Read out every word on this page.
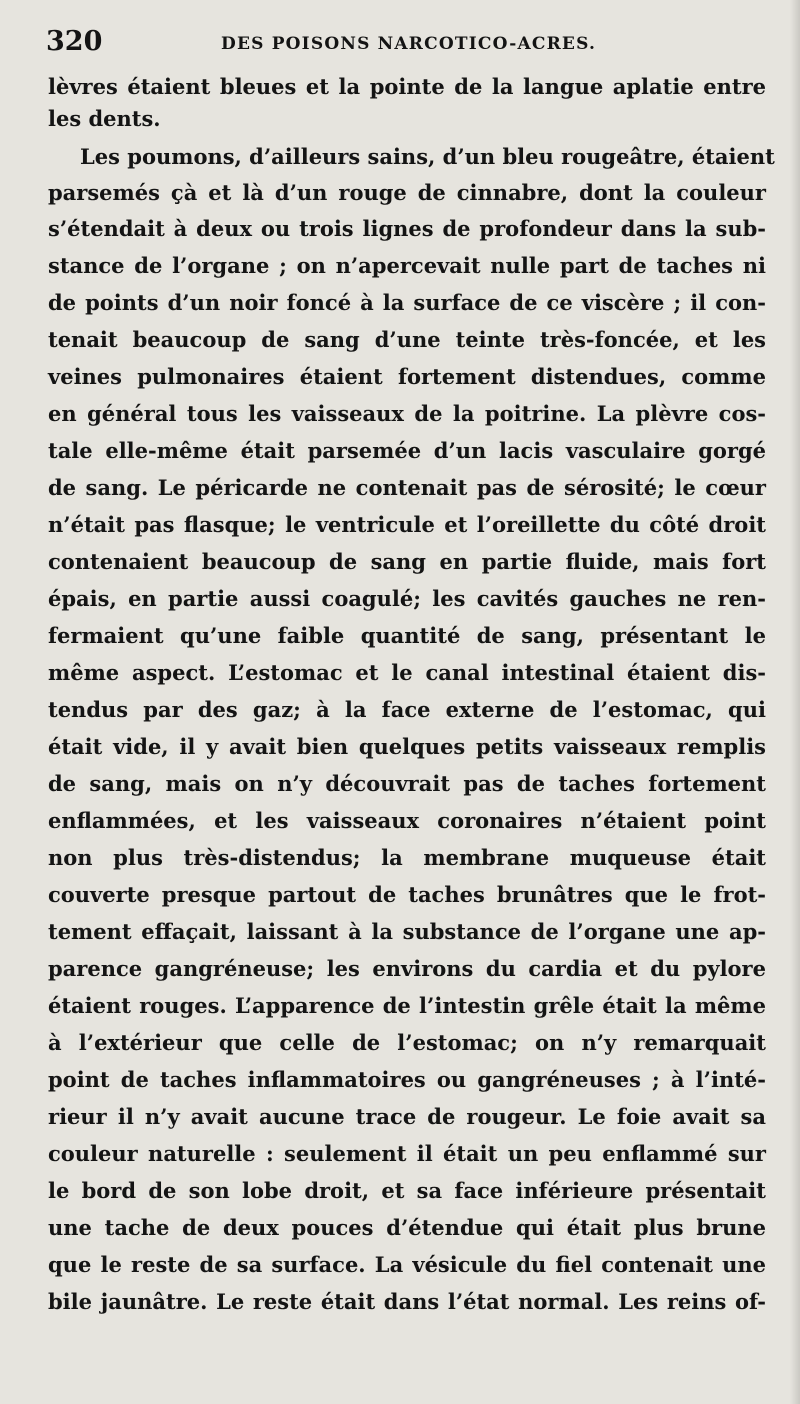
320	DES POISONS NARCOTICO-ACRES.
lèvres étaient bleues et la pointe de la langue aplatie entre
les dents.
Les poumons, d’ailleurs sains, d’un bleu rougeâtre, étaient
parsemés çà et là d’un rouge de cinnabre, dont la couleur
s’étendait à deux ou trois lignes de profondeur dans la sub-
stance de l’organe ; on n’apercevait nulle part de taches ni
de points d’un noir foncé à la surface de ce viscère ; il con-
tenait beaucoup de sang d’une teinte très-foncée, et les
veines pulmonaires étaient fortement distendues, comme
en général tous les vaisseaux de la poitrine. La plèvre cos-
tale elle-même était parsemée d’un lacis vasculaire gorgé
de sang. Le péricarde ne contenait pas de sérosité; le cœur
n’était pas flasque; le ventricule et l’oreillette du côté droit
contenaient beaucoup de sang en partie fluide, mais fort
épais, en partie aussi coagulé; les cavités gauches ne ren-
fermaient qu’une faible quantité de sang, présentant le
même aspect. L’estomac et le canal intestinal étaient dis-
tendus par des gaz; à la face externe de l’estomac, qui
était vide, il y avait bien quelques petits vaisseaux remplis
de sang, mais on n’y découvrait pas de taches fortement
enflammées, et les vaisseaux coronaires n’étaient point
non plus très-distendus; la membrane muqueuse était
couverte presque partout de taches brunâtres que le frot-
tement effaçait, laissant à la substance de l’organe une ap-
parence gangréneuse; les environs du cardia et du pylore
étaient rouges. L’apparence de l’intestin grêle était la même
à l’extérieur que celle de l’estomac; on n’y remarquait
point de taches inflammatoires ou gangréneuses ; à l’inté-
rieur il n’y avait aucune trace de rougeur. Le foie avait sa
couleur naturelle : seulement il était un peu enflammé sur
le bord de son lobe droit, et sa face inférieure présentait
une tache de deux pouces d’étendue qui était plus brune
que le reste de sa surface. La vésicule du fiel contenait une
bile jaunâtre. Le reste était dans l’état normal. Les reins of-
